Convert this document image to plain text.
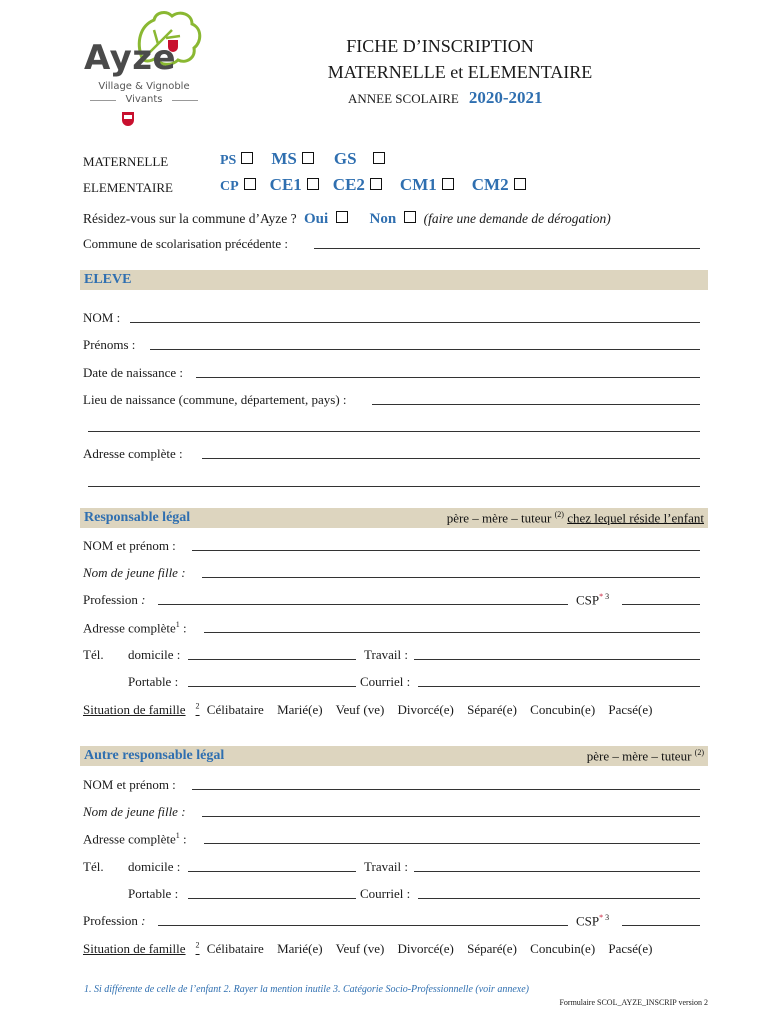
Ayze
Village & Vignoble
Vivants
FICHE D’INSCRIPTION
MATERNELLE et ELEMENTAIRE
ANNEE SCOLAIRE 2020-2021
MATERNELLE	PS MS GS
ELEMENTAIRE	CP CE1 CE2 CM1 CM2
Résidez-vous sur la commune d’Ayze ? Oui	Non (faire une demande de dérogation)
Commune de scolarisation précédente :
ELEVE
NOM :
Prénoms :
Date de naissance :
Lieu de naissance (commune, département, pays) :
Adresse complète :
Responsable légal	père – mère – tuteur $^{(2)}$ chez lequel réside l’enfant
NOM et prénom :
Nom de jeune fille :
Profession :	CSP$^{* 3}$
Adresse complète$^1$ :
Tél. domicile :	Travail :
Portable :	Courriel :
Situation de famille $^2$ Célibataire Marié(e) Veuf (ve) Divorcé(e) Séparé(e) Concubin(e) Pacsé(e)
Autre responsable légal	père – mère – tuteur $^{(2)}$
NOM et prénom :
Nom de jeune fille :
Adresse complète$^1$ :
Tél. domicile :	Travail :
Portable :	Courriel :
Profession :	CSP$^{* 3}$
Situation de famille $^2$ Célibataire Marié(e) Veuf (ve) Divorcé(e) Séparé(e) Concubin(e) Pacsé(e)
1. Si différente de celle de l’enfant 2. Rayer la mention inutile 3. Catégorie Socio-Professionnelle (voir annexe)
Formulaire SCOL_AYZE_INSCRIP version 2
